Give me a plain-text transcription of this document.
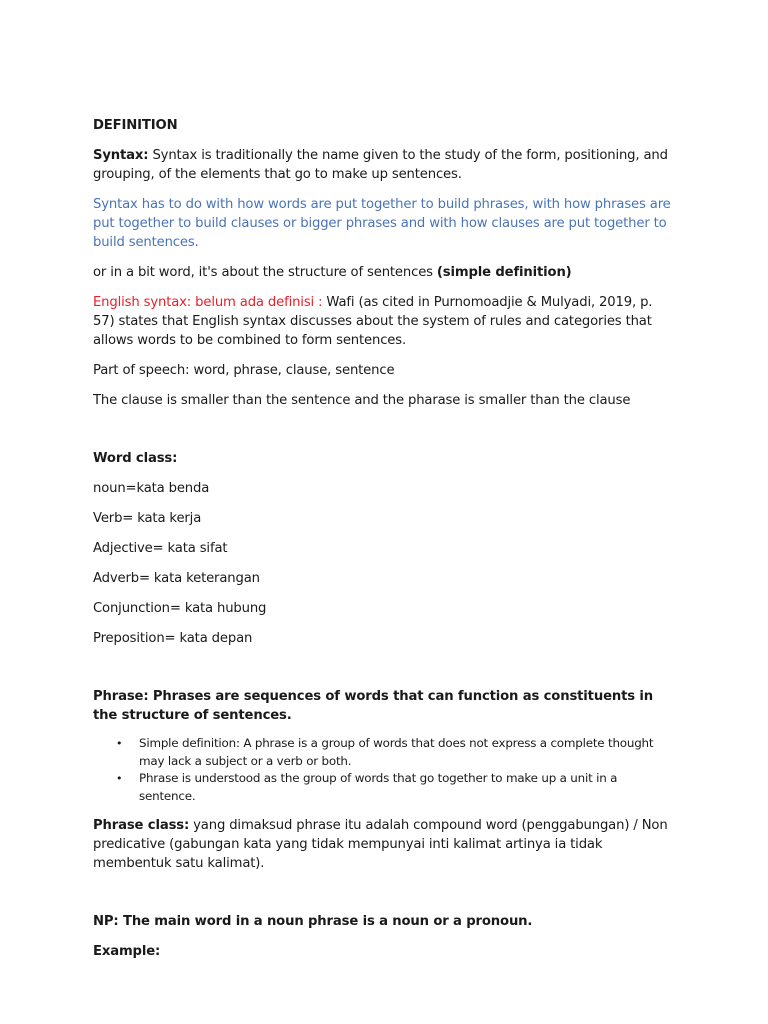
DEFINITION

Syntax: Syntax is traditionally the name given to the study of the form, positioning, and grouping, of the elements that go to make up sentences.

Syntax has to do with how words are put together to build phrases, with how phrases are put together to build clauses or bigger phrases and with how clauses are put together to build sentences.

or in a bit word, it's about the structure of sentences (simple definition)

English syntax: belum ada definisi : Wafi (as cited in Purnomoadjie & Mulyadi, 2019, p. 57) states that English syntax discusses about the system of rules and categories that allows words to be combined to form sentences.

Part of speech: word, phrase, clause, sentence

The clause is smaller than the sentence and the pharase is smaller than the clause

Word class:

noun=kata benda

Verb= kata kerja

Adjective= kata sifat

Adverb= kata keterangan

Conjunction= kata hubung

Preposition= kata depan

Phrase: Phrases are sequences of words that can function as constituents in the structure of sentences.

• Simple definition: A phrase is a group of words that does not express a complete thought may lack a subject or a verb or both.
• Phrase is understood as the group of words that go together to make up a unit in a sentence.

Phrase class: yang dimaksud phrase itu adalah compound word (penggabungan) / Non predicative (gabungan kata yang tidak mempunyai inti kalimat artinya ia tidak membentuk satu kalimat).

NP: The main word in a noun phrase is a noun or a pronoun.

Example:
